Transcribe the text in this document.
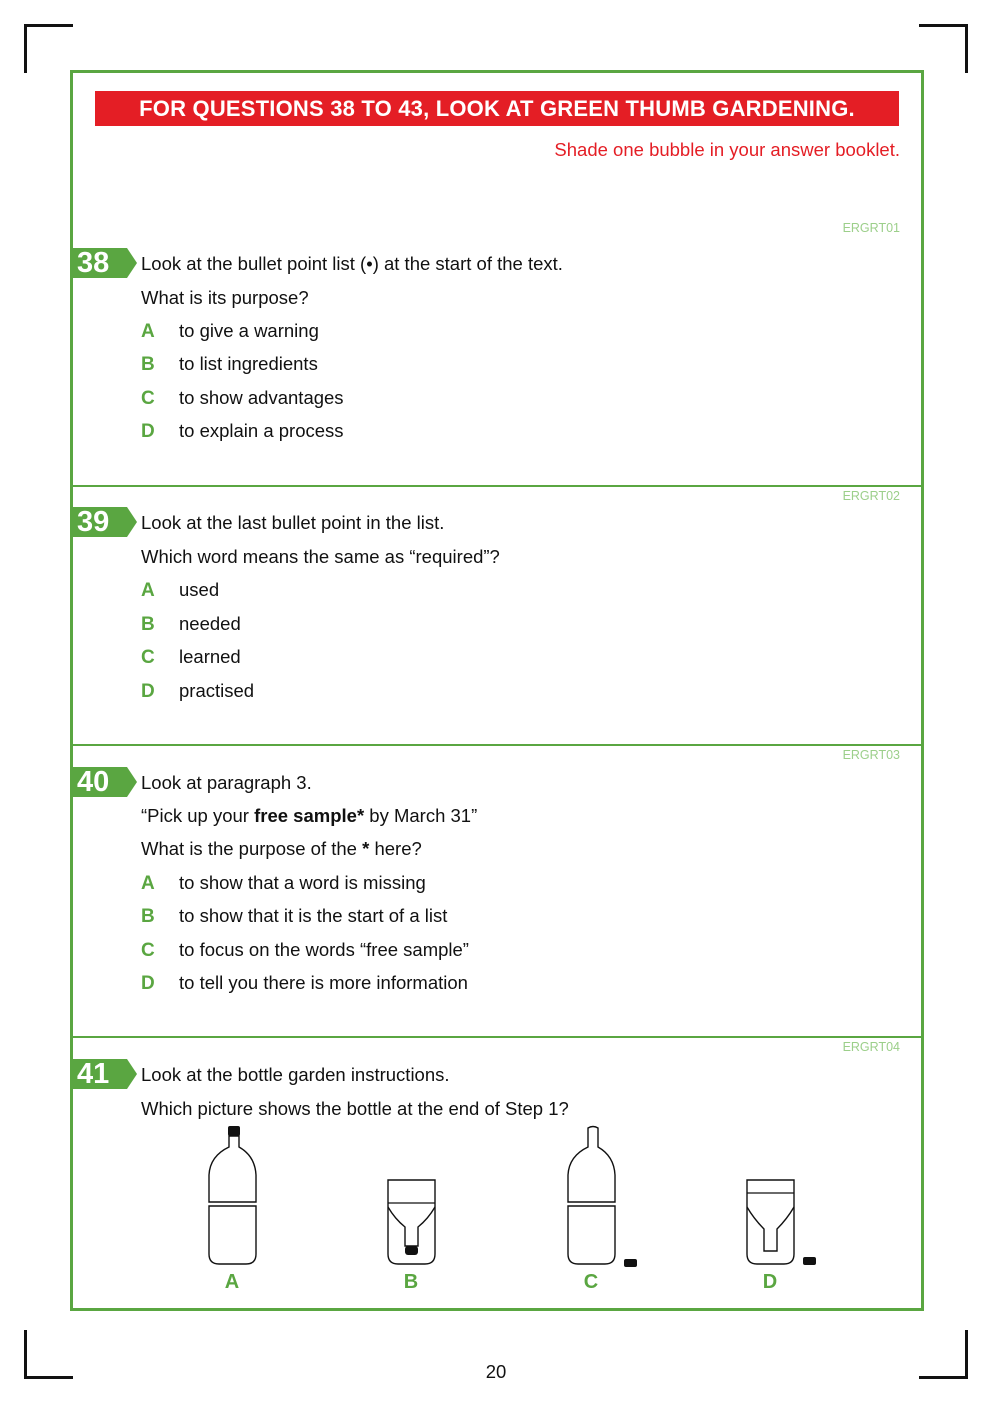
FOR QUESTIONS 38 TO 43, LOOK AT GREEN THUMB GARDENING.
Shade one bubble in your answer booklet.
ERGRT01
38	Look at the bullet point list (•) at the start of the text.
What is its purpose?
A to give a warning
B to list ingredients
C to show advantages
D to explain a process
ERGRT02
39	Look at the last bullet point in the list.
Which word means the same as “required”?
A used
B needed
C learned
D practised
ERGRT03
40	Look at paragraph 3.
“Pick up your free sample* by March 31”
What is the purpose of the * here?
A to show that a word is missing
B to show that it is the start of a list
C to focus on the words “free sample”
D to tell you there is more information
ERGRT04
41	Look at the bottle garden instructions.
Which picture shows the bottle at the end of Step 1?
A	B	C	D
20
